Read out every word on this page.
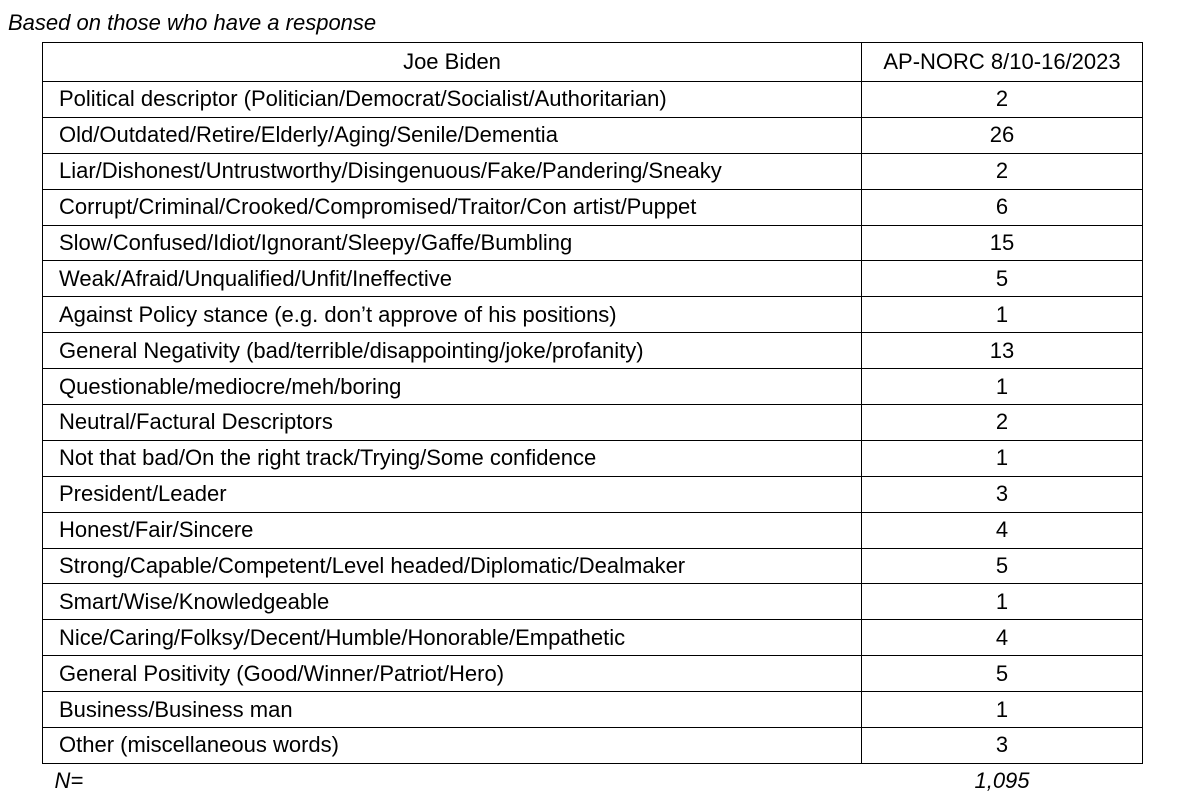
Based on those who have a response
Joe Biden	AP-NORC 8/10-16/2023
Political descriptor (Politician/Democrat/Socialist/Authoritarian)	2
Old/Outdated/Retire/Elderly/Aging/Senile/Dementia	26
Liar/Dishonest/Untrustworthy/Disingenuous/Fake/Pandering/Sneaky	2
Corrupt/Criminal/Crooked/Compromised/Traitor/Con artist/Puppet	6
Slow/Confused/Idiot/Ignorant/Sleepy/Gaffe/Bumbling	15
Weak/Afraid/Unqualified/Unfit/Ineffective	5
Against Policy stance (e.g. don’t approve of his positions)	1
General Negativity (bad/terrible/disappointing/joke/profanity)	13
Questionable/mediocre/meh/boring	1
Neutral/Factural Descriptors	2
Not that bad/On the right track/Trying/Some confidence	1
President/Leader	3
Honest/Fair/Sincere	4
Strong/Capable/Competent/Level headed/Diplomatic/Dealmaker	5
Smart/Wise/Knowledgeable	1
Nice/Caring/Folksy/Decent/Humble/Honorable/Empathetic	4
General Positivity (Good/Winner/Patriot/Hero)	5
Business/Business man	1
Other (miscellaneous words)	3
N=	1,095
